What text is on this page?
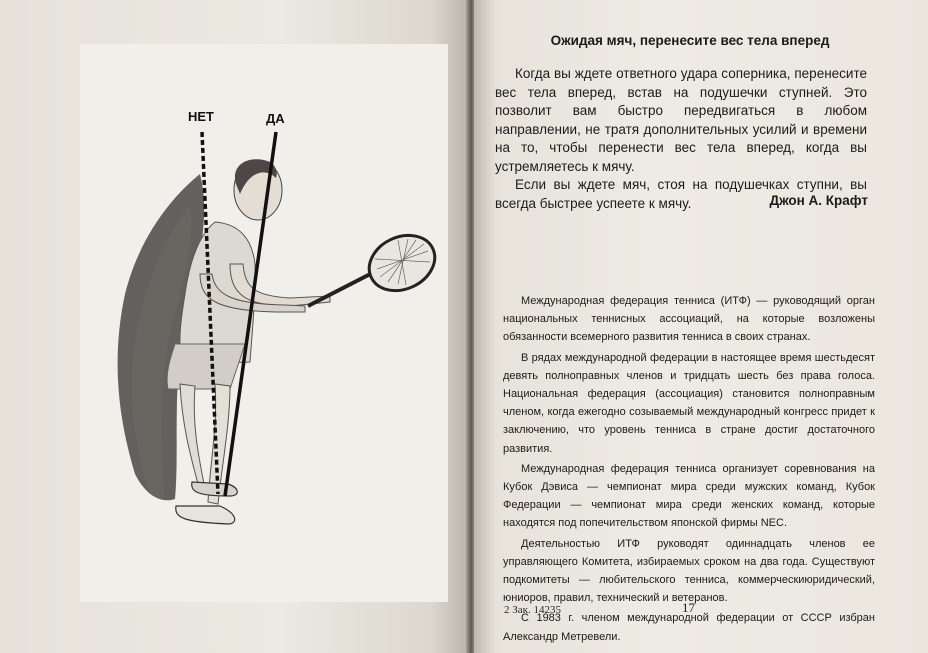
НЕТ	ДА
Ожидая мяч, перенесите вес тела вперед

Когда вы ждете ответного удара соперника, перенесите вес тела вперед, встав на подушечки ступней. Это позволит вам быстро передвигаться в любом направлении, не тратя дополнительных усилий и времени на то, чтобы перенести вес тела вперед, когда вы устремляетесь к мячу.

Если вы ждете мяч, стоя на подушечках ступни, вы всегда быстрее успеете к мячу.	Джон А. Крафт

Международная федерация тенниса (ИТФ) — руководящий орган национальных теннисных ассоциаций, на которые возложены обязанности всемерного развития тенниса в своих странах.

В рядах международной федерации в настоящее время шестьдесят девять полноправных членов и тридцать шесть без права голоса. Национальная федерация (ассоциация) становится полноправным членом, когда ежегодно созываемый международный конгресс придет к заключению, что уровень тенниса в стране достиг достаточного развития.

Международная федерация тенниса организует соревнования на Кубок Дэвиса — чемпионат мира среди мужских команд, Кубок Федерации — чемпионат мира среди женских команд, которые находятся под попечительством японской фирмы NEC.

Деятельностью ИТФ руководят одиннадцать членов ее управляющего Комитета, избираемых сроком на два года. Существуют подкомитеты — любительского тенниса, коммерческиюридический, юниоров, правил, технический и ветеранов.

С 1983 г. членом международной федерации от СССР избран Александр Метревели.

2 Зак. 14235	17
